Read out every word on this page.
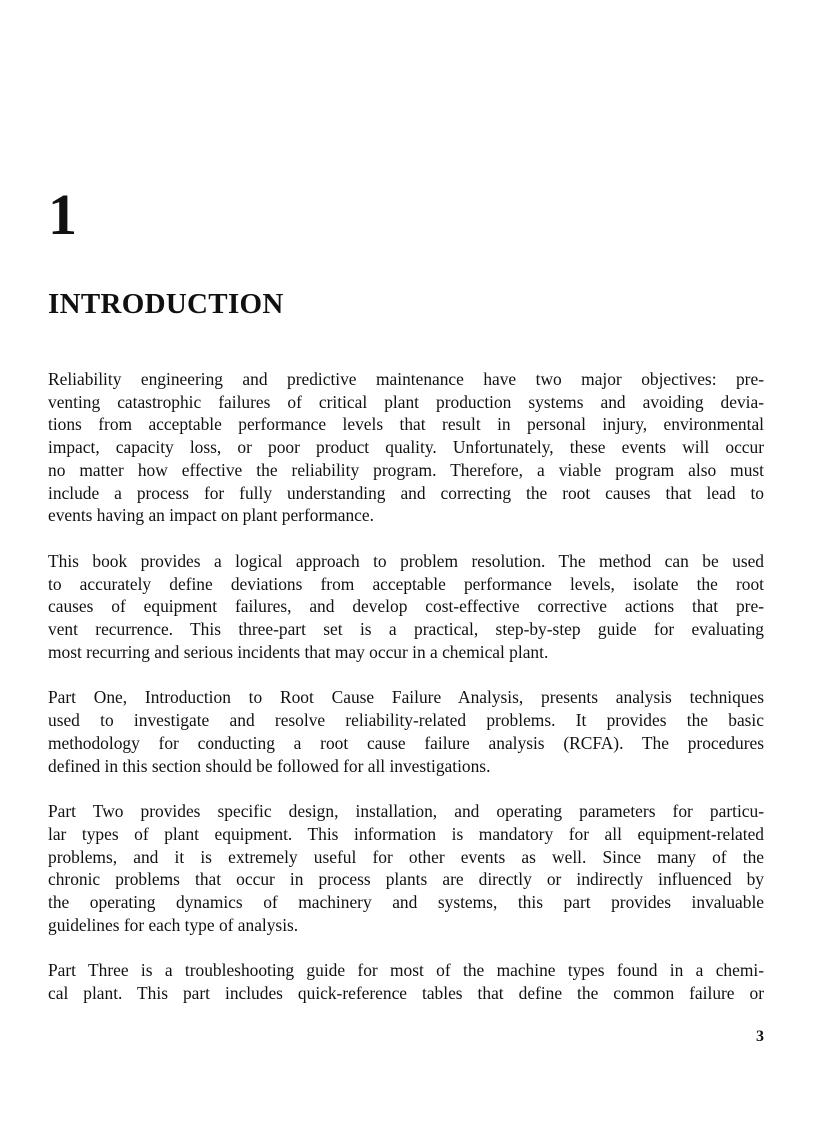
1
INTRODUCTION

Reliability engineering and predictive maintenance have two major objectives: pre-
venting catastrophic failures of critical plant production systems and avoiding devia-
tions from acceptable performance levels that result in personal injury, environmental
impact, capacity loss, or poor product quality. Unfortunately, these events will occur
no matter how effective the reliability program. Therefore, a viable program also must
include a process for fully understanding and correcting the root causes that lead to
events having an impact on plant performance.

This book provides a logical approach to problem resolution. The method can be used
to accurately define deviations from acceptable performance levels, isolate the root
causes of equipment failures, and develop cost-effective corrective actions that pre-
vent recurrence. This three-part set is a practical, step-by-step guide for evaluating
most recurring and serious incidents that may occur in a chemical plant.

Part One, Introduction to Root Cause Failure Analysis, presents analysis techniques
used to investigate and resolve reliability-related problems. It provides the basic
methodology for conducting a root cause failure analysis (RCFA). The procedures
defined in this section should be followed for all investigations.

Part Two provides specific design, installation, and operating parameters for particu-
lar types of plant equipment. This information is mandatory for all equipment-related
problems, and it is extremely useful for other events as well. Since many of the
chronic problems that occur in process plants are directly or indirectly influenced by
the operating dynamics of machinery and systems, this part provides invaluable
guidelines for each type of analysis.

Part Three is a troubleshooting guide for most of the machine types found in a chemi-
cal plant. This part includes quick-reference tables that define the common failure or

3
